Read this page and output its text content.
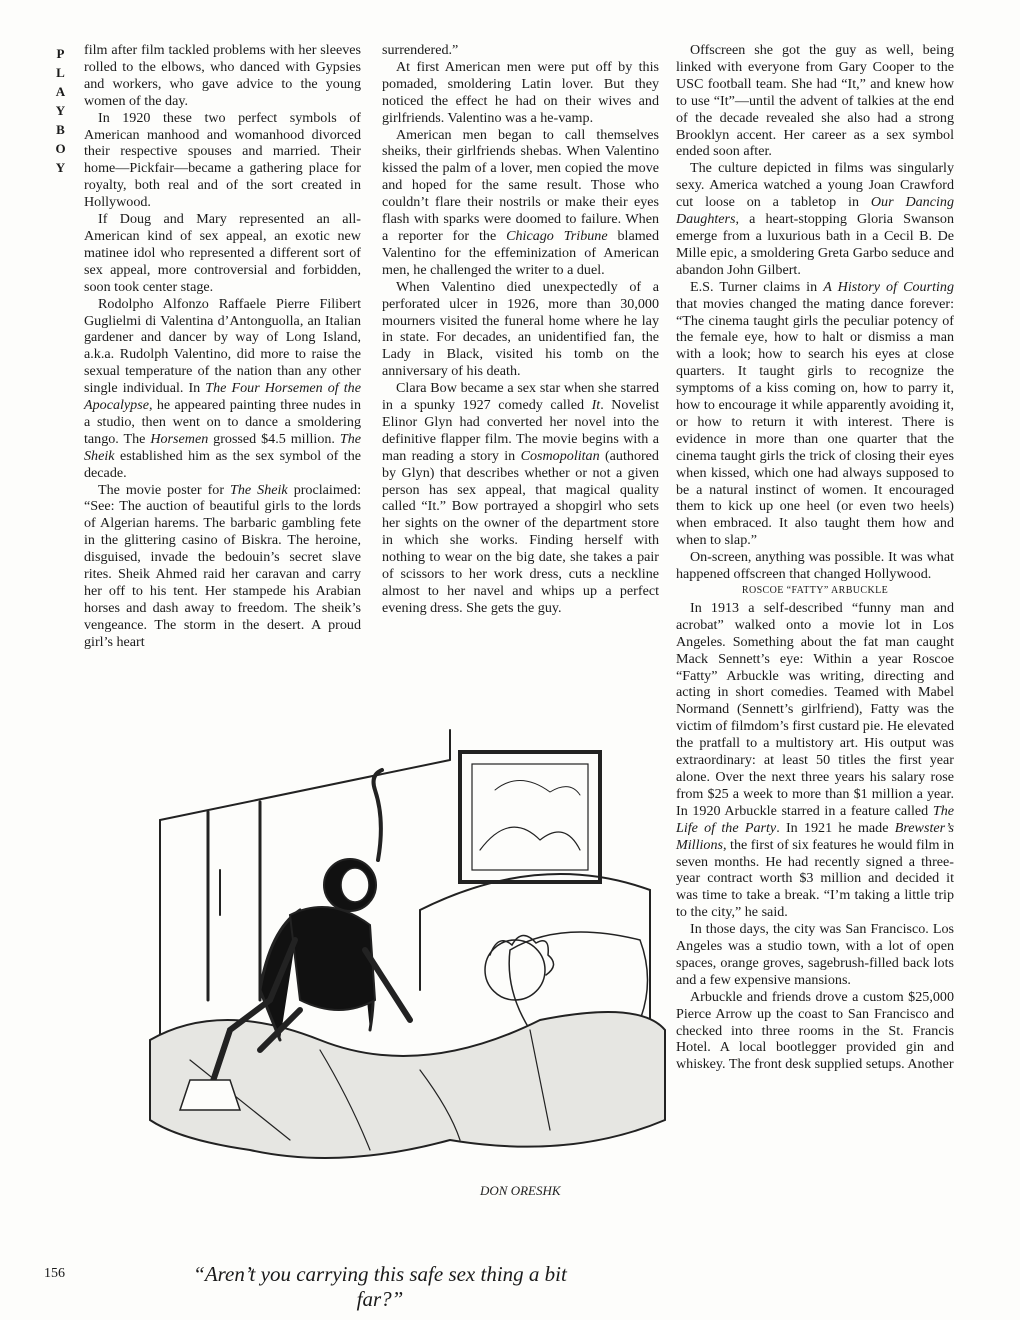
P
L
A
Y
B
O
Y

film after film tackled problems with her sleeves rolled to the elbows, who danced with Gypsies and workers, who gave advice to the young women of the day.

In 1920 these two perfect symbols of American manhood and womanhood divorced their respective spouses and married. Their home—Pickfair—became a gathering place for royalty, both real and of the sort created in Hollywood.

If Doug and Mary represented an all-American kind of sex appeal, an exotic new matinee idol who represented a different sort of sex appeal, more controversial and forbidden, soon took center stage.

Rodolpho Alfonzo Raffaele Pierre Filibert Guglielmi di Valentina d’Antonguolla, an Italian gardener and dancer by way of Long Island, a.k.a. Rudolph Valentino, did more to raise the sexual temperature of the nation than any other single individual. In The Four Horsemen of the Apocalypse, he appeared painting three nudes in a studio, then went on to dance a smoldering tango. The Horsemen grossed $4.5 million. The Sheik established him as the sex symbol of the decade.

The movie poster for The Sheik proclaimed: “See: The auction of beautiful girls to the lords of Algerian harems. The barbaric gambling fete in the glittering casino of Biskra. The heroine, disguised, invade the bedouin’s secret slave rites. Sheik Ahmed raid her caravan and carry her off to his tent. Her stampede his Arabian horses and dash away to freedom. The sheik’s vengeance. The storm in the desert. A proud girl’s heart

surrendered.”

At first American men were put off by this pomaded, smoldering Latin lover. But they noticed the effect he had on their wives and girlfriends. Valentino was a he-vamp.

American men began to call themselves sheiks, their girlfriends shebas. When Valentino kissed the palm of a lover, men copied the move and hoped for the same result. Those who couldn’t flare their nostrils or make their eyes flash with sparks were doomed to failure. When a reporter for the Chicago Tribune blamed Valentino for the effeminization of American men, he challenged the writer to a duel.

When Valentino died unexpectedly of a perforated ulcer in 1926, more than 30,000 mourners visited the funeral home where he lay in state. For decades, an unidentified fan, the Lady in Black, visited his tomb on the anniversary of his death.

Clara Bow became a sex star when she starred in a spunky 1927 comedy called It. Novelist Elinor Glyn had converted her novel into the definitive flapper film. The movie begins with a man reading a story in Cosmopolitan (authored by Glyn) that describes whether or not a given person has sex appeal, that magical quality called “It.” Bow portrayed a shopgirl who sets her sights on the owner of the department store in which she works. Finding herself with nothing to wear on the big date, she takes a pair of scissors to her work dress, cuts a neckline almost to her navel and whips up a perfect evening dress. She gets the guy.

Offscreen she got the guy as well, being linked with everyone from Gary Cooper to the USC football team. She had “It,” and knew how to use “It”—until the advent of talkies at the end of the decade revealed she also had a strong Brooklyn accent. Her career as a sex symbol ended soon after.

The culture depicted in films was singularly sexy. America watched a young Joan Crawford cut loose on a tabletop in Our Dancing Daughters, a heart-stopping Gloria Swanson emerge from a luxurious bath in a Cecil B. De Mille epic, a smoldering Greta Garbo seduce and abandon John Gilbert.

E.S. Turner claims in A History of Courting that movies changed the mating dance forever: “The cinema taught girls the peculiar potency of the female eye, how to halt or dismiss a man with a look; how to search his eyes at close quarters. It taught girls to recognize the symptoms of a kiss coming on, how to parry it, how to encourage it while apparently avoiding it, or how to return it with interest. There is evidence in more than one quarter that the cinema taught girls the trick of closing their eyes when kissed, which one had always supposed to be a natural instinct of women. It encouraged them to kick up one heel (or even two heels) when embraced. It also taught them how and when to slap.”

On-screen, anything was possible. It was what happened offscreen that changed Hollywood.

ROSCOE “FATTY” ARBUCKLE

In 1913 a self-described “funny man and acrobat” walked onto a movie lot in Los Angeles. Something about the fat man caught Mack Sennett’s eye: Within a year Roscoe “Fatty” Arbuckle was writing, directing and acting in short comedies. Teamed with Mabel Normand (Sennett’s girlfriend), Fatty was the victim of filmdom’s first custard pie. He elevated the pratfall to a multistory art. His output was extraordinary: at least 50 titles the first year alone. Over the next three years his salary rose from $25 a week to more than $1 million a year. In 1920 Arbuckle starred in a feature called The Life of the Party. In 1921 he made Brewster’s Millions, the first of six features he would film in seven months. He had recently signed a three-year contract worth $3 million and decided it was time to take a break. “I’m taking a little trip to the city,” he said.

In those days, the city was San Francisco. Los Angeles was a studio town, with a lot of open spaces, orange groves, sagebrush-filled back lots and a few expensive mansions.

Arbuckle and friends drove a custom $25,000 Pierce Arrow up the coast to San Francisco and checked into three rooms in the St. Francis Hotel. A local bootlegger provided gin and whiskey. The front desk supplied setups. Another

DON ORESHK
“Aren’t you carrying this safe sex thing a bit far?”
156
